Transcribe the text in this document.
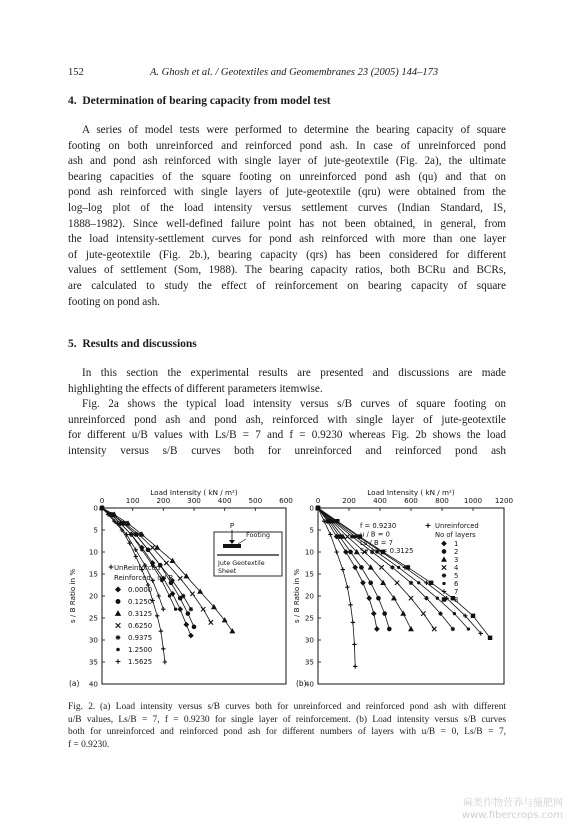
152	A. Ghosh et al. / Geotextiles and Geomembranes 23 (2005) 144–173
4. Determination of bearing capacity from model test
A series of model tests were performed to determine the bearing capacity of square
footing on both unreinforced and reinforced pond ash. In case of unreinforced pond
ash and pond ash reinforced with single layer of jute-geotextile (Fig. 2a), the ultimate
bearing capacities of the square footing on unreinforced pond ash (qu) and that on
pond ash reinforced with single layers of jute-geotextile (qru) were obtained from the
log–log plot of the load intensity versus settlement curves (Indian Standard, IS,
1888–1982). Since well-defined failure point has not been obtained, in general, from
the load intensity-settlement curves for pond ash reinforced with more than one layer
of jute-geotextile (Fig. 2b.), bearing capacity (qrs) has been considered for different
values of settlement (Som, 1988). The bearing capacity ratios, both BCRu and BCRs,
are calculated to study the effect of reinforcement on bearing capacity of square
footing on pond ash.
5. Results and discussions
In this section the experimental results are presented and discussions are made
highlighting the effects of different parameters itemwise.
Fig. 2a shows the typical load intensity versus s/B curves of square footing on
unreinforced pond ash and pond ash, reinforced with single layer of jute-geotextile
for different u/B values with Ls/B = 7 and f = 0.9230 whereas Fig. 2b shows the load
intensity versus s/B curves both for unreinforced and reinforced pond ash
Load Intensity ( kN / m²)
0	100 200 300 400 500 600
0
5
10
15
20
25
30
35
40
s / B Ratio in %
(a)
UnReinforced
Reinforced , u / B
0.0000
0.1250
0.3125
0.6250
0.9375
1.2500
1.5625
P
Footing
Jute Geotextile
Sheet
Load Intensity ( kN / m²)
0	200 400 600 800 1000 1200
0
5
10
15
20
25
30
35
40
s / B Ratio in %
(b)
f = 0.9230
u / B = 0
Ls / B = 7
Sv / B = 0.3125
Unreinforced
No of layers
1
2
3
4
5
6
7
8
Fig. 2. (a) Load intensity versus s/B curves both for unreinforced and reinforced pond ash with different
u/B values, Ls/B = 7, f = 0.9230 for single layer of reinforcement. (b) Load intensity versus s/B curves
both for unreinforced and reinforced pond ash for different numbers of layers with u/B = 0, Ls/B = 7,
f = 0.9230.
麻类作物营养与施肥网
www.fibercrops.com
